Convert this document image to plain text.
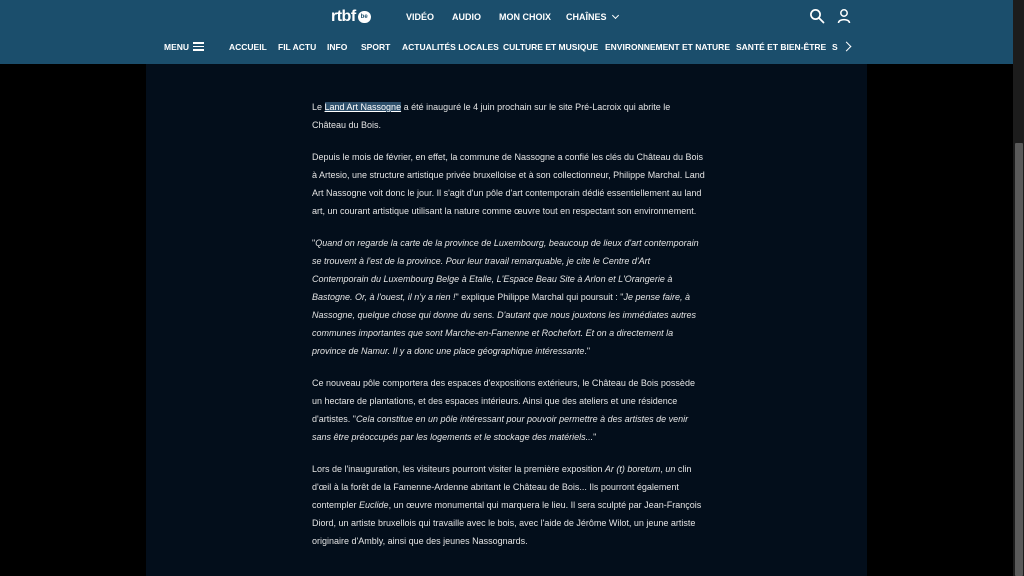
rtbf be	VIDÉO AUDIO MON CHOIX CHAÎNES
MENU	ACCUEIL FIL ACTU INFO SPORT ACTUALITÉS LOCALES CULTURE ET MUSIQUE ENVIRONNEMENT ET NATURE SANTÉ ET BIEN-ÊTRE S

Le Land Art Nassogne a été inauguré le 4 juin prochain sur le site Pré-Lacroix qui abrite le Château du Bois.

Depuis le mois de février, en effet, la commune de Nassogne a confié les clés du Château du Bois à Artesio, une structure artistique privée bruxelloise et à son collectionneur, Philippe Marchal. Land Art Nassogne voit donc le jour. Il s'agit d'un pôle d'art contemporain dédié essentiellement au land art, un courant artistique utilisant la nature comme œuvre tout en respectant son environnement.

"Quand on regarde la carte de la province de Luxembourg, beaucoup de lieux d'art contemporain se trouvent à l'est de la province. Pour leur travail remarquable, je cite le Centre d'Art Contemporain du Luxembourg Belge à Etalle, L'Espace Beau Site à Arlon et L'Orangerie à Bastogne. Or, à l'ouest, il n'y a rien !" explique Philippe Marchal qui poursuit : "Je pense faire, à Nassogne, quelque chose qui donne du sens. D'autant que nous jouxtons les immédiates autres communes importantes que sont Marche-en-Famenne et Rochefort. Et on a directement la province de Namur. Il y a donc une place géographique intéressante."

Ce nouveau pôle comportera des espaces d'expositions extérieurs, le Château de Bois possède un hectare de plantations, et des espaces intérieurs. Ainsi que des ateliers et une résidence d'artistes. "Cela constitue en un pôle intéressant pour pouvoir permettre à des artistes de venir sans être préoccupés par les logements et le stockage des matériels..."

Lors de l'inauguration, les visiteurs pourront visiter la première exposition Ar (t) boretum, un clin d'œil à la forêt de la Famenne-Ardenne abritant le Château de Bois... Ils pourront également contempler Euclide, un œuvre monumental qui marquera le lieu. Il sera sculpté par Jean-François Diord, un artiste bruxellois qui travaille avec le bois, avec l'aide de Jérôme Wilot, un jeune artiste originaire d'Ambly, ainsi que des jeunes Nassognards.
